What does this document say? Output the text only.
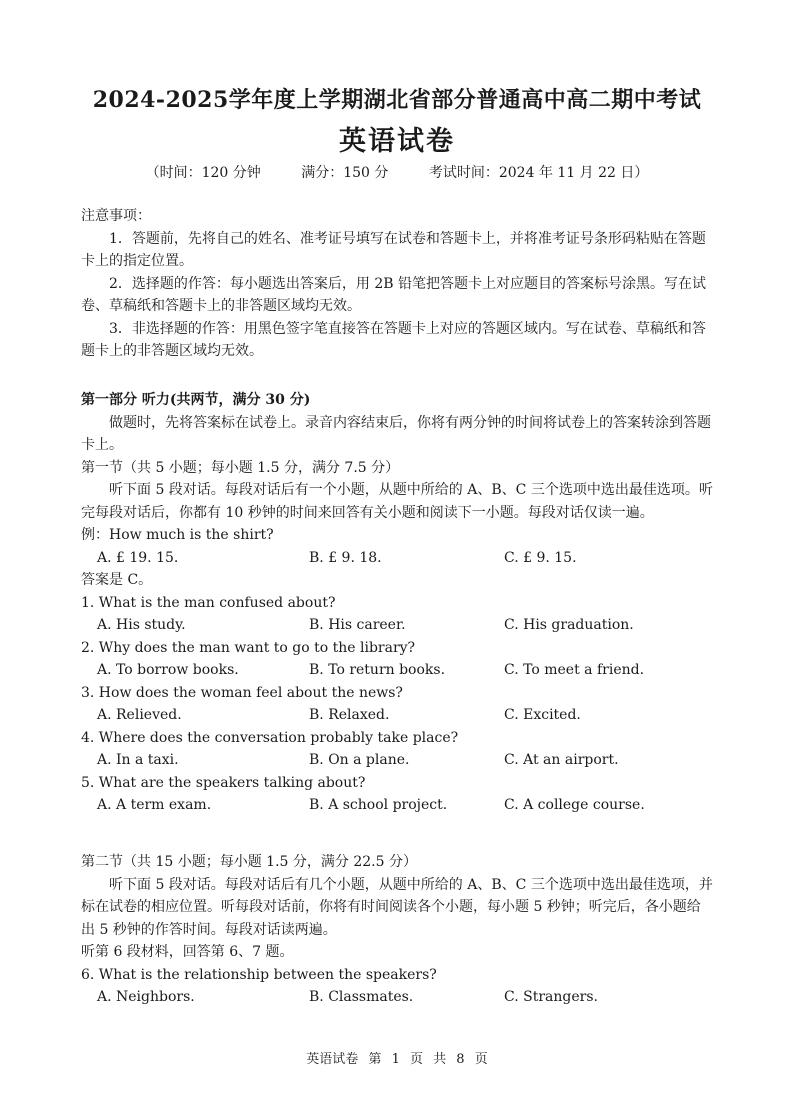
2024-2025学年度上学期湖北省部分普通高中高二期中考试
英语试卷
（时间：120 分钟	满分：150 分	考试时间：2024 年 11 月 22 日）

注意事项：

1．答题前，先将自己的姓名、准考证号填写在试卷和答题卡上，并将准考证号条形码粘贴在答题卡上的指定位置。

2．选择题的作答：每小题选出答案后，用 2B 铅笔把答题卡上对应题目的答案标号涂黑。写在试卷、草稿纸和答题卡上的非答题区域均无效。

3．非选择题的作答：用黑色签字笔直接答在答题卡上对应的答题区域内。写在试卷、草稿纸和答题卡上的非答题区域均无效。

第一部分 听力(共两节，满分 30 分)

做题时，先将答案标在试卷上。录音内容结束后，你将有两分钟的时间将试卷上的答案转涂到答题卡上。

第一节（共 5 小题；每小题 1.5 分，满分 7.5 分）

听下面 5 段对话。每段对话后有一个小题，从题中所给的 A、B、C 三个选项中选出最佳选项。听完每段对话后，你都有 10 秒钟的时间来回答有关小题和阅读下一小题。每段对话仅读一遍。

例：How much is the shirt?

A. £ 19. 15.	B. £ 9. 18.	C. £ 9. 15.

答案是 C。

1. What is the man confused about?

A. His study.	B. His career.	C. His graduation.

2. Why does the man want to go to the library?

A. To borrow books.	B. To return books.	C. To meet a friend.

3. How does the woman feel about the news?

A. Relieved.	B. Relaxed.	C. Excited.

4. Where does the conversation probably take place?

A. In a taxi.	B. On a plane.	C. At an airport.

5. What are the speakers talking about?

A. A term exam.	B. A school project.	C. A college course.

第二节（共 15 小题；每小题 1.5 分，满分 22.5 分）

听下面 5 段对话。每段对话后有几个小题，从题中所给的 A、B、C 三个选项中选出最佳选项，并标在试卷的相应位置。听每段对话前，你将有时间阅读各个小题，每小题 5 秒钟；听完后，各小题给出 5 秒钟的作答时间。每段对话读两遍。

听第 6 段材料，回答第 6、7 题。

6. What is the relationship between the speakers?

A. Neighbors.	B. Classmates.	C. Strangers.
英语试卷 第 1 页 共 8 页
